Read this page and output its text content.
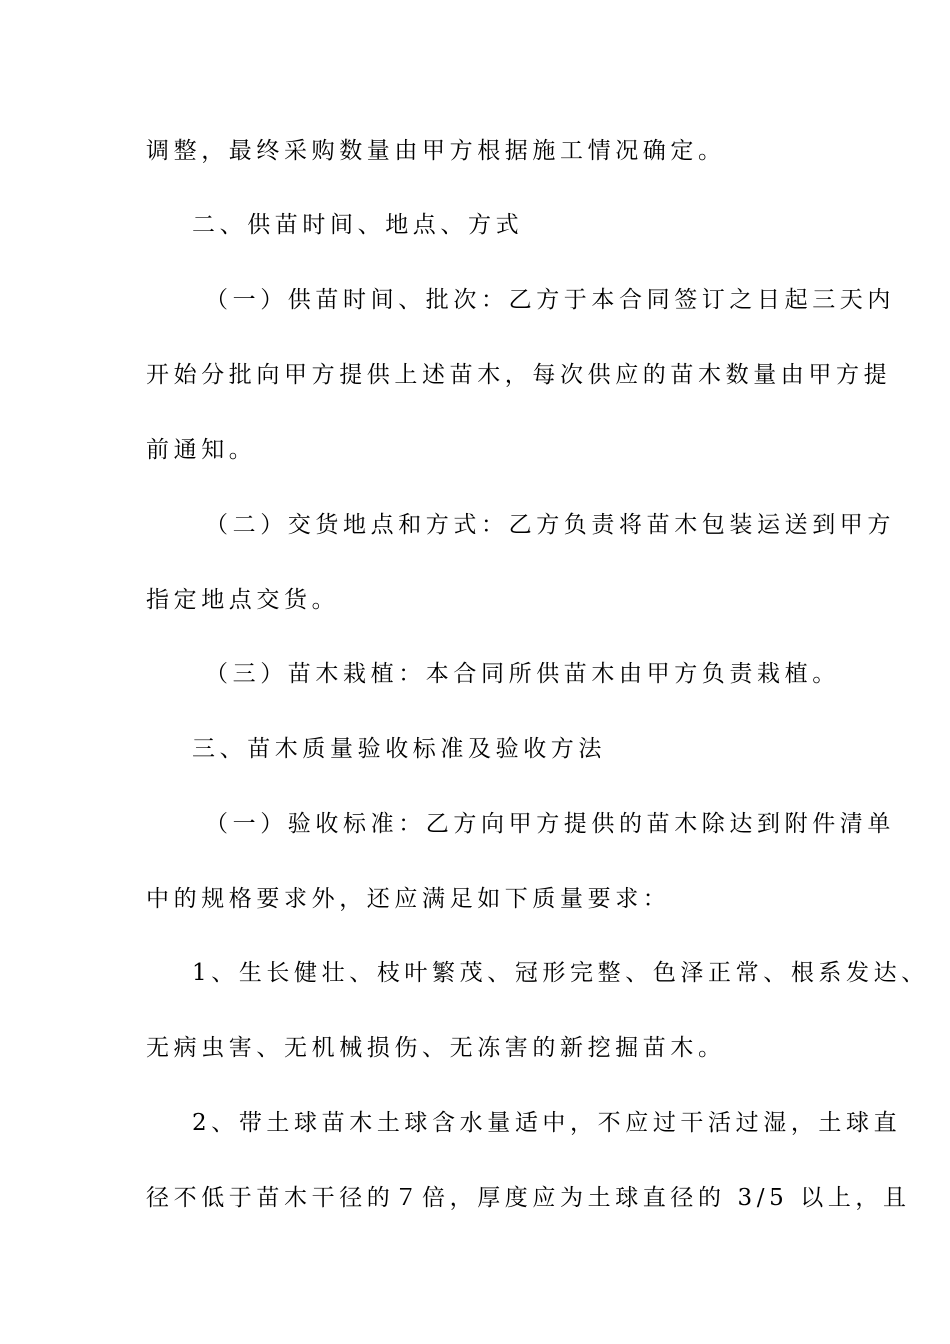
调整，最终采购数量由甲方根据施工情况确定。
二、供苗时间、地点、方式
（一）供苗时间、批次：乙方于本合同签订之日起三天内
开始分批向甲方提供上述苗木，每次供应的苗木数量由甲方提
前通知。
（二）交货地点和方式：乙方负责将苗木包装运送到甲方
指定地点交货。
（三）苗木栽植：本合同所供苗木由甲方负责栽植。
三、苗木质量验收标准及验收方法
（一）验收标准：乙方向甲方提供的苗木除达到附件清单
中的规格要求外，还应满足如下质量要求：
1、生长健壮、枝叶繁茂、冠形完整、色泽正常、根系发达、
无病虫害、无机械损伤、无冻害的新挖掘苗木。
2、带土球苗木土球含水量适中，不应过干活过湿，土球直
径不低于苗木干径的７倍，厚度应为土球直径的 3/5 以上，且
